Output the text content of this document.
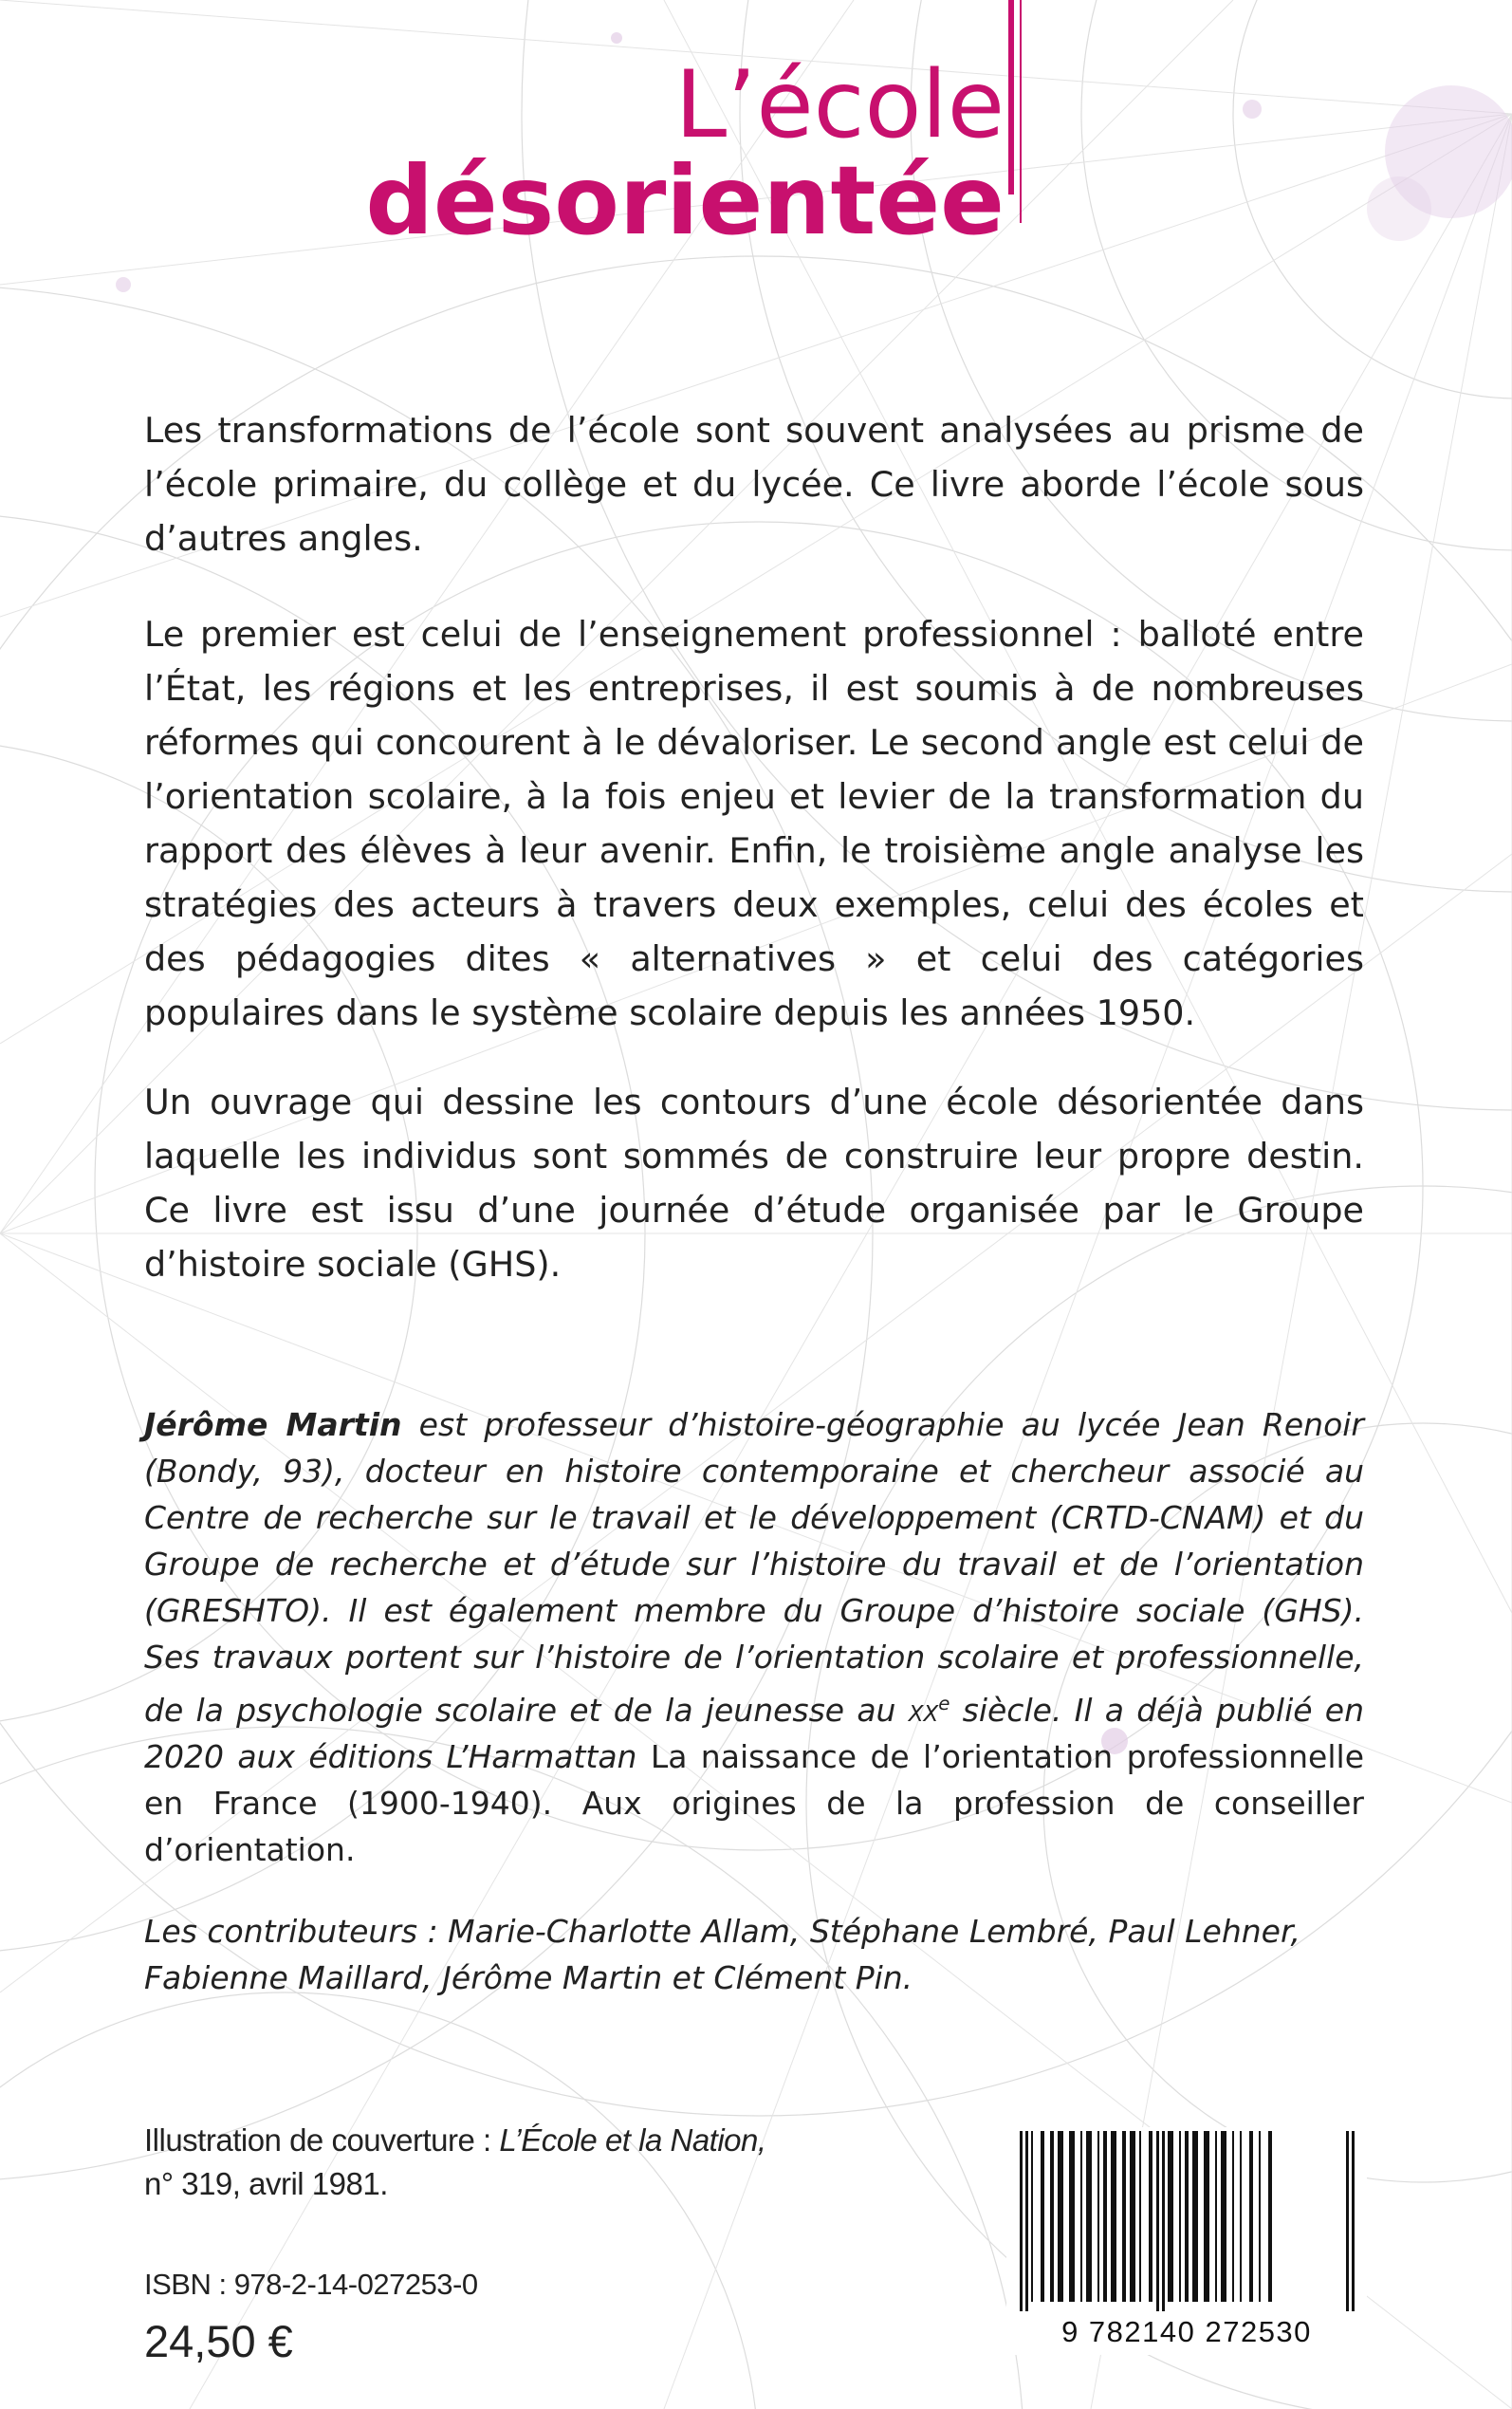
L’école
désorientée

Les transformations de l’école sont souvent analysées au prisme de l’école primaire, du collège et du lycée. Ce livre aborde l’école sous d’autres angles.

Le premier est celui de l’enseignement professionnel : balloté entre l’État, les régions et les entreprises, il est soumis à de nombreuses réformes qui concourent à le dévaloriser. Le second angle est celui de l’orientation scolaire, à la fois enjeu et levier de la transformation du rapport des élèves à leur avenir. Enfin, le troisième angle analyse les stratégies des acteurs à travers deux exemples, celui des écoles et des pédagogies dites « alternatives » et celui des catégories populaires dans le système scolaire depuis les années 1950.

Un ouvrage qui dessine les contours d’une école désorientée dans laquelle les individus sont sommés de construire leur propre destin. Ce livre est issu d’une journée d’étude organisée par le Groupe d’histoire sociale (GHS).

Jérôme Martin est professeur d’histoire-géographie au lycée Jean Renoir (Bondy, 93), docteur en histoire contemporaine et chercheur associé au Centre de recherche sur le travail et le développement (CRTD-CNAM) et du Groupe de recherche et d’étude sur l’histoire du travail et de l’orientation (GRESHTO). Il est également membre du Groupe d’histoire sociale (GHS). Ses travaux portent sur l’histoire de l’orientation scolaire et professionnelle, de la psychologie scolaire et de la jeunesse au $xx^e$ siècle. Il a déjà publié en 2020 aux éditions L’Harmattan La naissance de l’orientation professionnelle en France (1900-1940). Aux origines de la profession de conseiller d’orientation.
Les contributeurs : Marie-Charlotte Allam, Stéphane Lembré, Paul Lehner, Fabienne Maillard, Jérôme Martin et Clément Pin.
Illustration de couverture : L’École et la Nation,
n° 319, avril 1981.
ISBN : 978-2-14-027253-0
24,50 €	9 782140 272530
